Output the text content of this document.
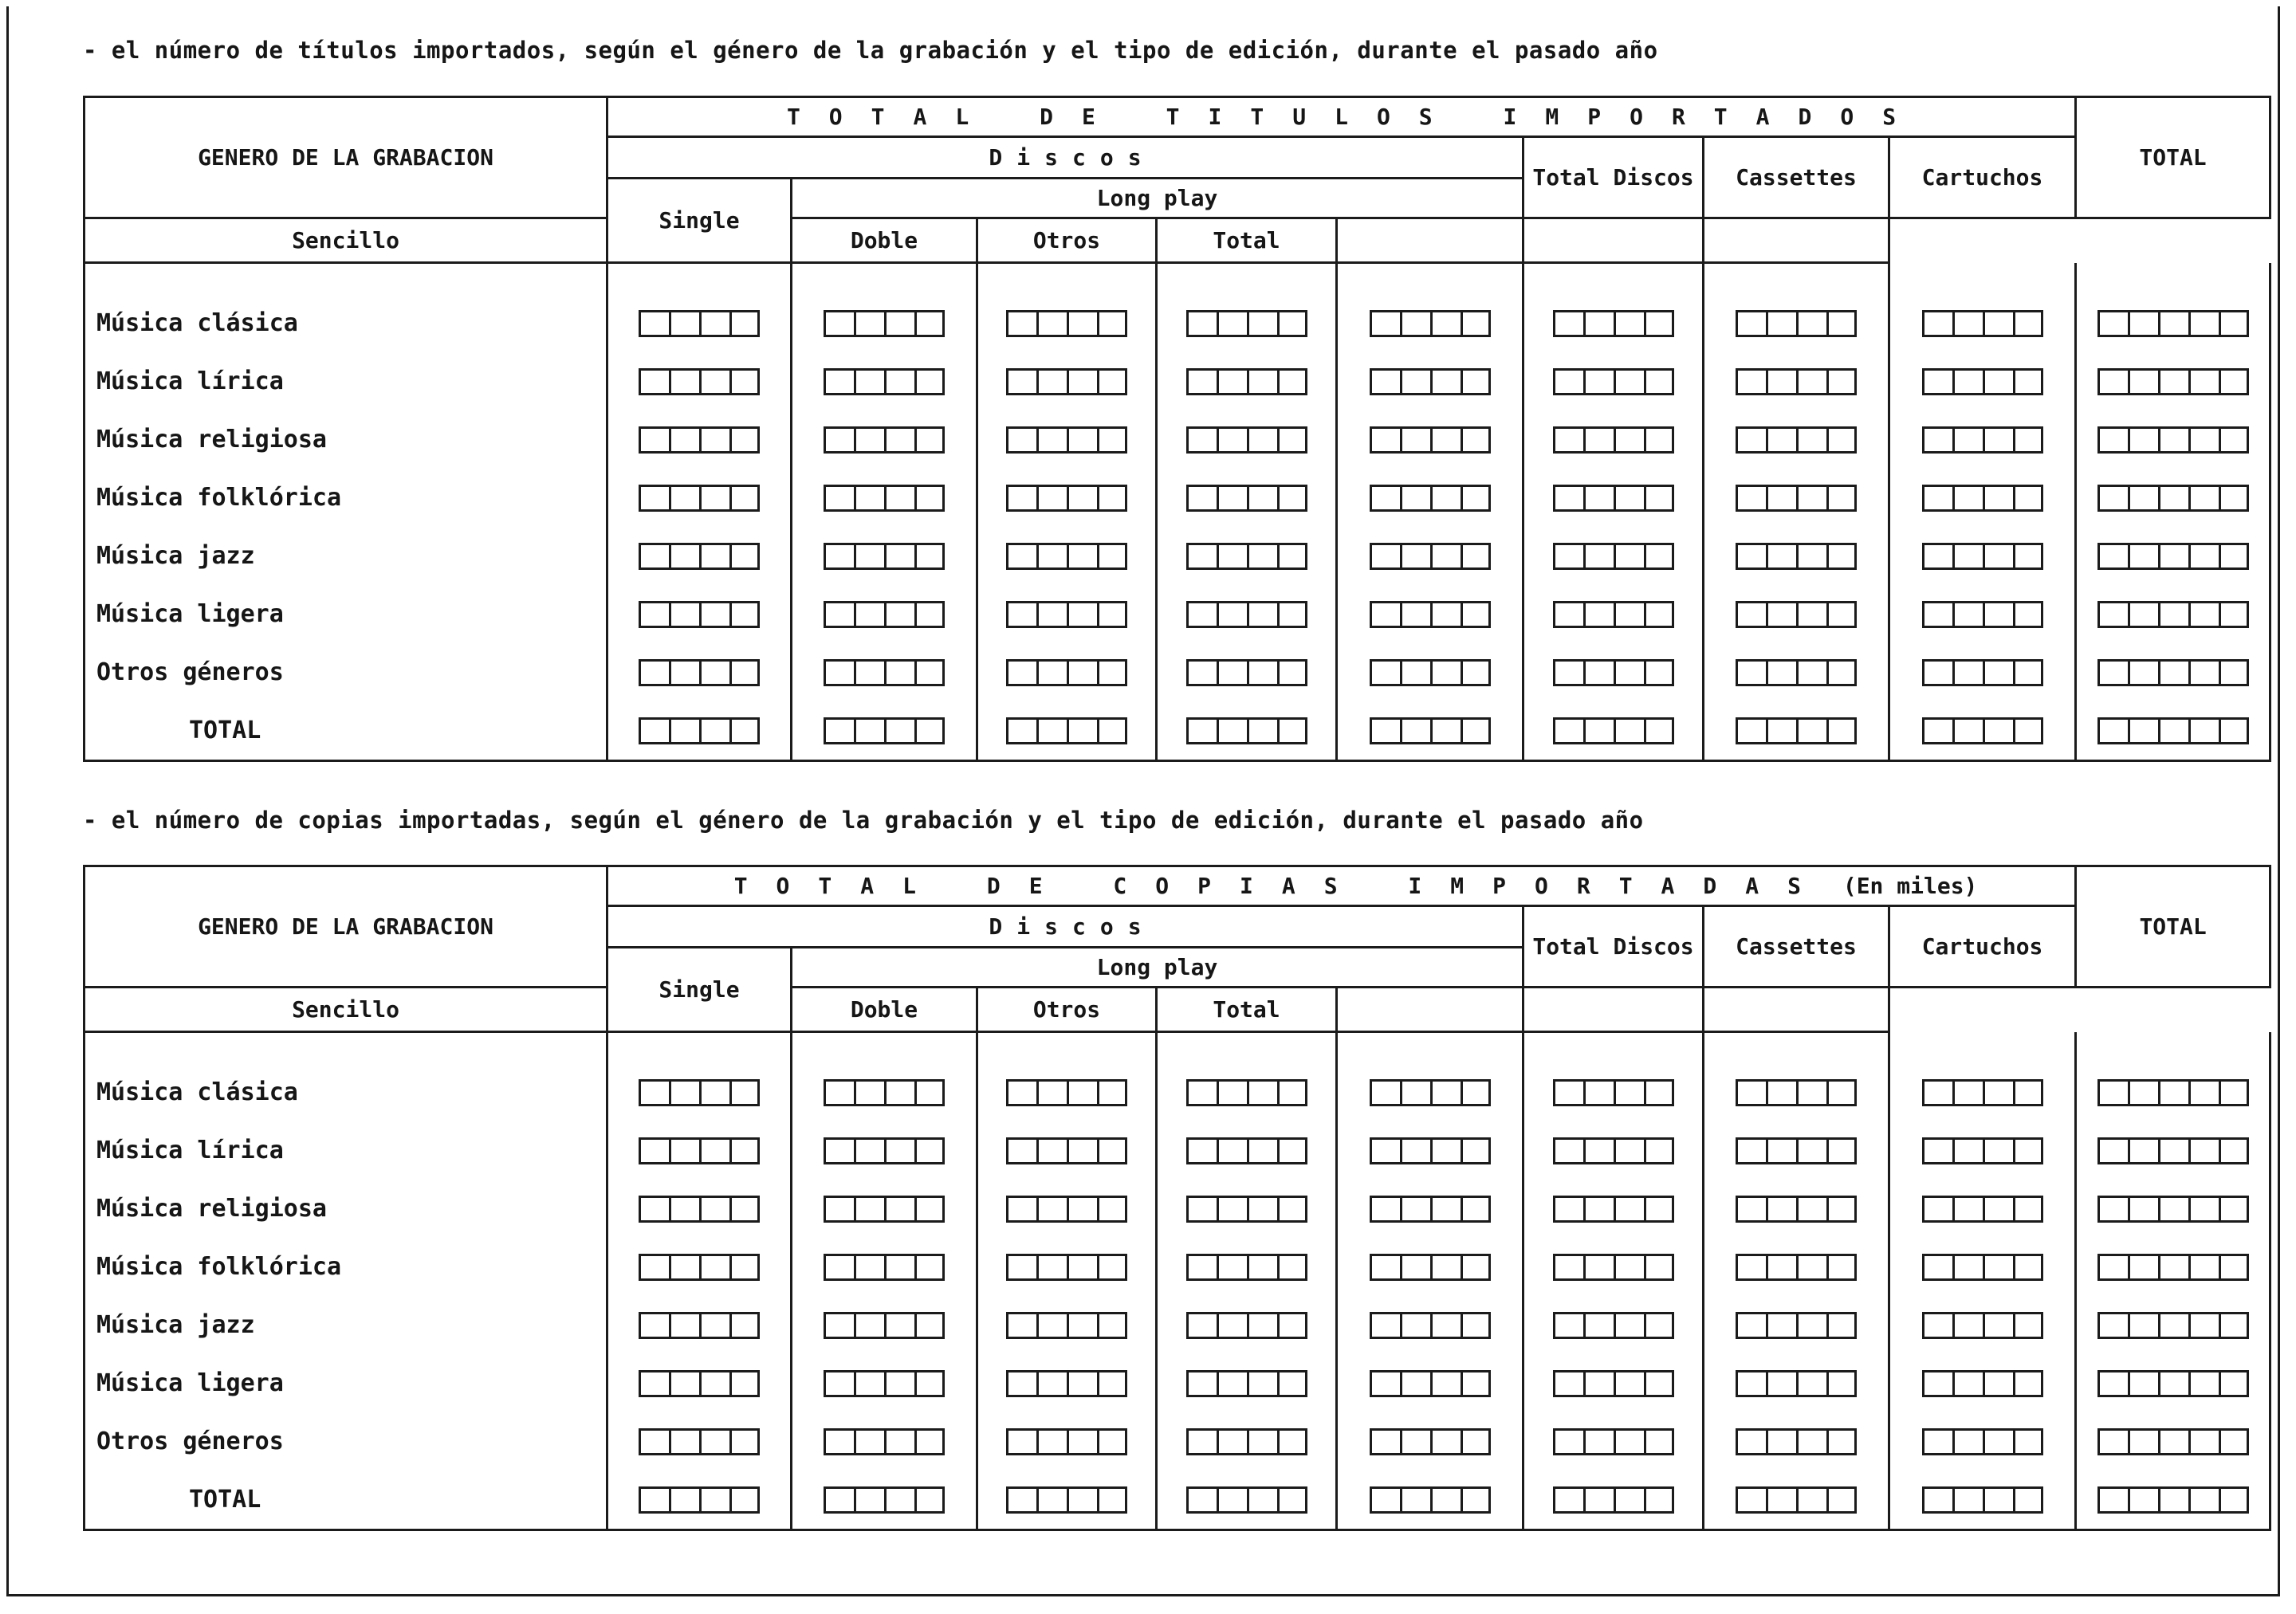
- el número de títulos importados, según el género de la grabación y el tipo de edición, durante el pasado año
GENERO DE LA GRABACION	TOTAL DE TITULOS IMPORTADOS								TOTAL
	Discos					Total Discos	Cassettes	Cartuchos	
	Single	Long play							
Sencillo		Doble	Otros	Total					

Música clásica	

Música lírica	

Música religiosa	

Música folklórica	

Música jazz	

Música ligera	

Otros géneros	

TOTAL	

- el número de copias importadas, según el género de la grabación y el tipo de edición, durante el pasado año
GENERO DE LA GRABACION	TOTAL DE COPIAS IMPORTADAS (En miles)								TOTAL
	Discos					Total Discos	Cassettes	Cartuchos	
	Single	Long play							
Sencillo		Doble	Otros	Total					

Música clásica	

Música lírica	

Música religiosa	

Música folklórica	

Música jazz	

Música ligera	

Otros géneros	

TOTAL	
